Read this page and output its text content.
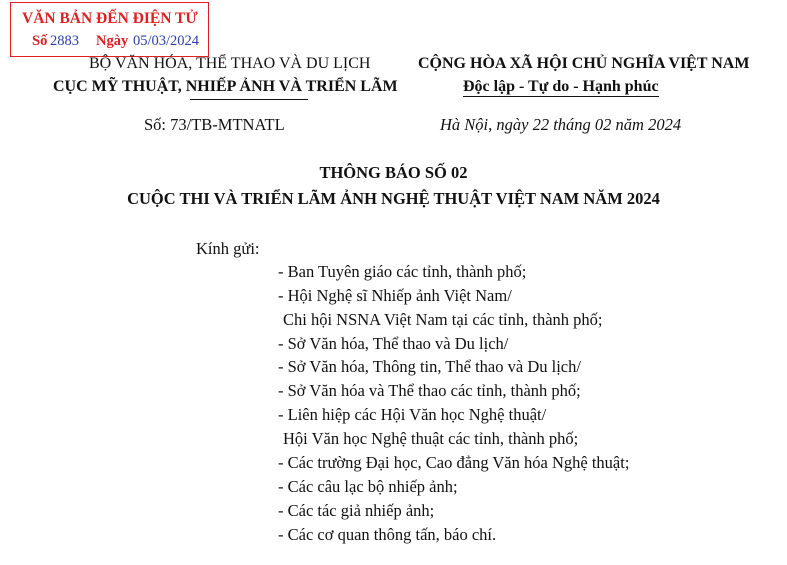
VĂN BẢN ĐẾN ĐIỆN TỬ
Số 2883 Ngày 05/03/2024
BỘ VĂN HÓA, THỂ THAO VÀ DU LỊCH
CỤC MỸ THUẬT, NHIẾP ẢNH VÀ TRIỂN LÃM
CỘNG HÒA XÃ HỘI CHỦ NGHĨA VIỆT NAM
Độc lập - Tự do - Hạnh phúc
Số: 73/TB-MTNATL	Hà Nội, ngày 22 tháng 02 năm 2024
THÔNG BÁO SỐ 02
CUỘC THI VÀ TRIỂN LÃM ẢNH NGHỆ THUẬT VIỆT NAM NĂM 2024
Kính gửi:
- Ban Tuyên giáo các tỉnh, thành phố;
- Hội Nghệ sĩ Nhiếp ảnh Việt Nam/
Chi hội NSNA Việt Nam tại các tỉnh, thành phố;
- Sở Văn hóa, Thể thao và Du lịch/
- Sở Văn hóa, Thông tin, Thể thao và Du lịch/
- Sở Văn hóa và Thể thao các tỉnh, thành phố;
- Liên hiệp các Hội Văn học Nghệ thuật/
Hội Văn học Nghệ thuật các tỉnh, thành phố;
- Các trường Đại học, Cao đẳng Văn hóa Nghệ thuật;
- Các câu lạc bộ nhiếp ảnh;
- Các tác giả nhiếp ảnh;
- Các cơ quan thông tấn, báo chí.
